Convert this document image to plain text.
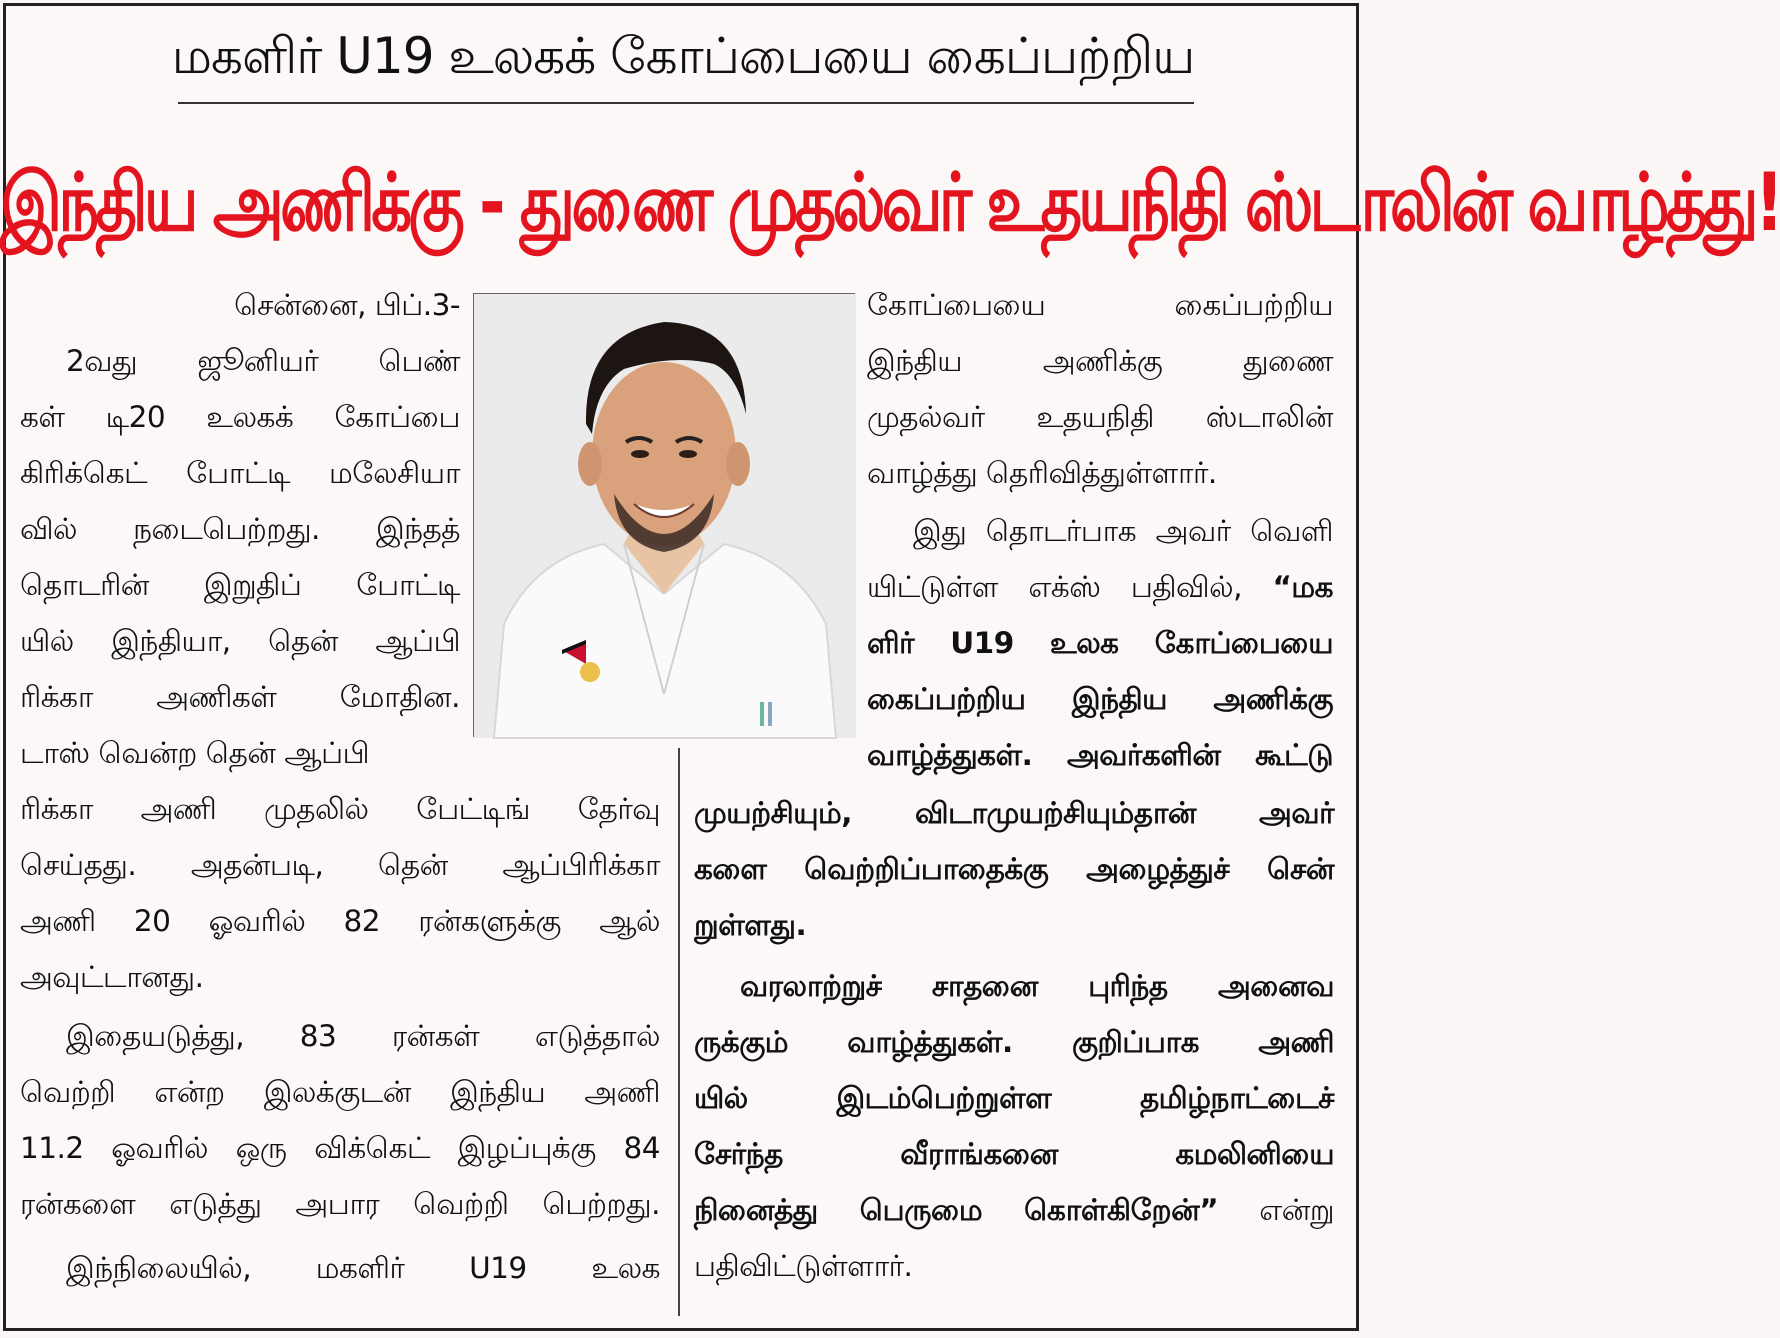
மகளிர் U19 உலகக் கோப்பையை கைப்பற்றிய
இந்திய அணிக்கு - துணை முதல்வர் உதயநிதி ஸ்டாலின் வாழ்த்து!

சென்னை, பிப்.3-

2வது ஜூனியர் பெண்
கள் டி20 உலகக் கோப்பை
கிரிக்கெட் போட்டி மலேசியா
வில் நடைபெற்றது. இந்தத்
தொடரின் இறுதிப் போட்டி
யில் இந்தியா, தென் ஆப்பி
ரிக்கா அணிகள் மோதின.
டாஸ் வென்ற தென் ஆப்பி

ரிக்கா அணி முதலில் பேட்டிங் தேர்வு
செய்தது. அதன்படி, தென் ஆப்பிரிக்கா
அணி 20 ஓவரில் 82 ரன்களுக்கு ஆல்
அவுட்டானது.

இதையடுத்து, 83 ரன்கள் எடுத்தால்
வெற்றி என்ற இலக்குடன் இந்திய அணி
11.2 ஓவரில் ஒரு விக்கெட் இழப்புக்கு 84
ரன்களை எடுத்து அபார வெற்றி பெற்றது.

இந்நிலையில், மகளிர் U19 உலக

கோப்பையை கைப்பற்றிய
இந்திய அணிக்கு துணை
முதல்வர் உதயநிதி ஸ்டாலின்
வாழ்த்து தெரிவித்துள்ளார்.

இது தொடர்பாக அவர் வெளி
யிட்டுள்ள எக்ஸ் பதிவில், “மக
ளிர் U19 உலக கோப்பையை
கைப்பற்றிய இந்திய அணிக்கு
வாழ்த்துகள். அவர்களின் கூட்டு

முயற்சியும், விடாமுயற்சியும்தான் அவர்
களை வெற்றிப்பாதைக்கு அழைத்துச் சென்
றுள்ளது.

வரலாற்றுச் சாதனை புரிந்த அனைவ
ருக்கும் வாழ்த்துகள். குறிப்பாக அணி
யில் இடம்பெற்றுள்ள தமிழ்நாட்டைச்
சேர்ந்த வீராங்கனை கமலினியை
நினைத்து பெருமை கொள்கிறேன்” என்று
பதிவிட்டுள்ளார்.
